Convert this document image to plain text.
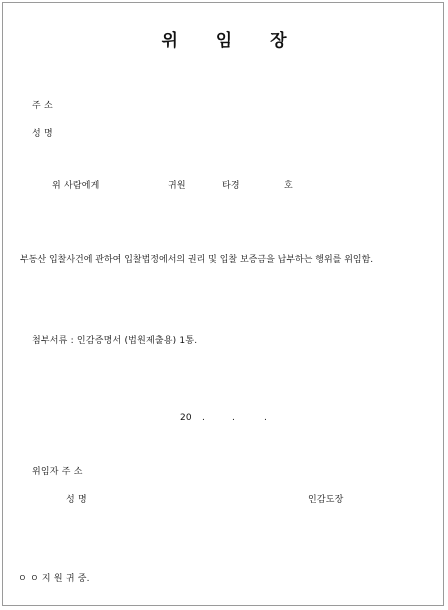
위 임 장
주 소
성 명
위 사람에게	귀원	타경	호
부동산 입찰사건에 관하여 입찰법정에서의 권리 및 입찰 보증금을 납부하는 행위를 위임함.
첨부서류 : 인감증명서 (법원제출용) 1통.
20 .	.	.
위임자 주 소
성 명	인감도장
ㅇ ㅇ 지 원 귀 중.
